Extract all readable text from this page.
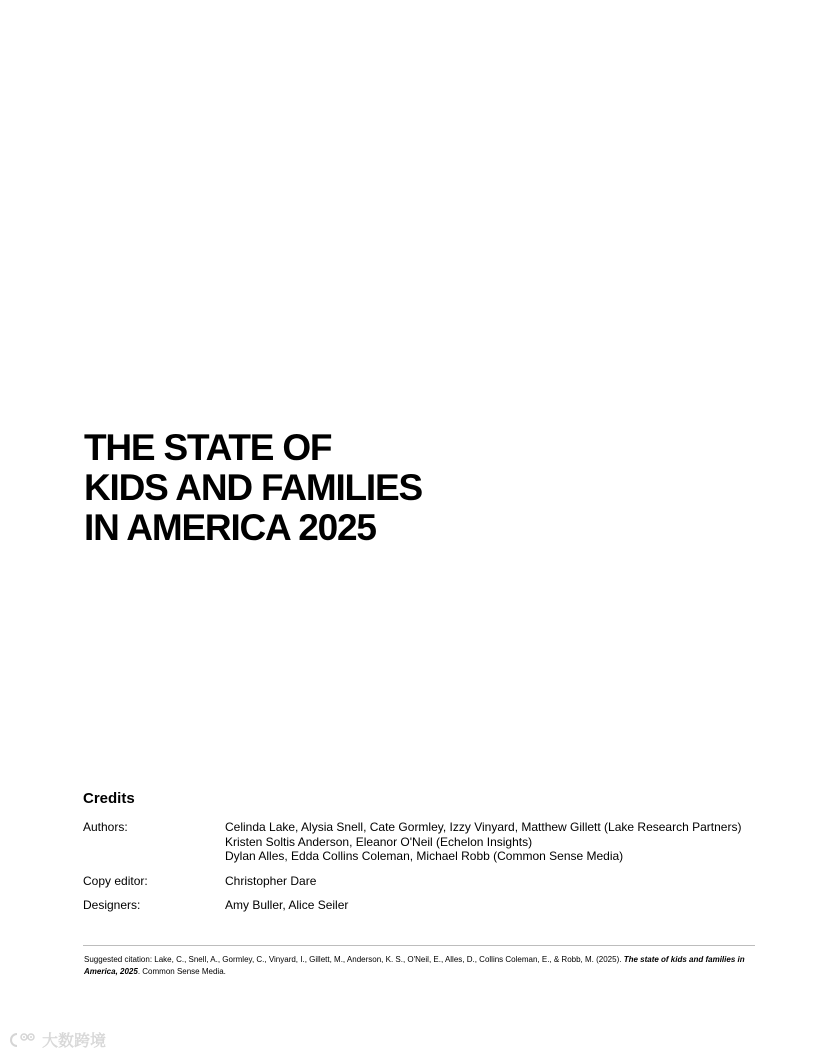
THE STATE OF
KIDS AND FAMILIES
IN AMERICA 2025
Credits
Authors:	Celinda Lake, Alysia Snell, Cate Gormley, Izzy Vinyard, Matthew Gillett (Lake Research Partners)
Kristen Soltis Anderson, Eleanor O'Neil (Echelon Insights)
Dylan Alles, Edda Collins Coleman, Michael Robb (Common Sense Media)
Copy editor:	Christopher Dare
Designers:	Amy Buller, Alice Seiler

Suggested citation: Lake, C., Snell, A., Gormley, C., Vinyard, I., Gillett, M., Anderson, K. S., O'Neil, E., Alles, D., Collins Coleman, E., & Robb, M. (2025). The state of kids and families in America, 2025. Common Sense Media.

大数跨境
